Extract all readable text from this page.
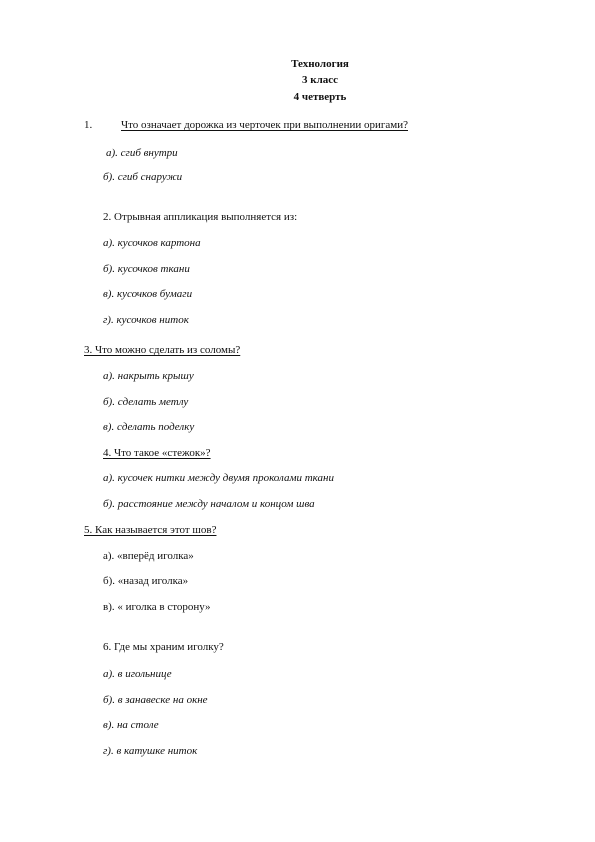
Технология
3 класс
4 четверть
1.	Что означает дорожка из черточек при выполнении оригами?
а). сгиб внутри
б). сгиб снаружи
2. Отрывная аппликация выполняется из:
а). кусочков картона
б). кусочков ткани
в). кусочков бумаги
г). кусочков ниток
3. Что можно сделать из соломы?
а). накрыть крышу
б). сделать метлу
в). сделать поделку
4. Что такое «стежок»?
а). кусочек нитки между двумя проколами ткани
б). расстояние между началом и концом шва
5. Как называется этот шов?
а). «вперёд иголка»
б). «назад иголка»
в). « иголка в сторону»
6. Где мы храним иголку?
а). в игольнице
б). в занавеске на окне
в). на столе
г). в катушке ниток
